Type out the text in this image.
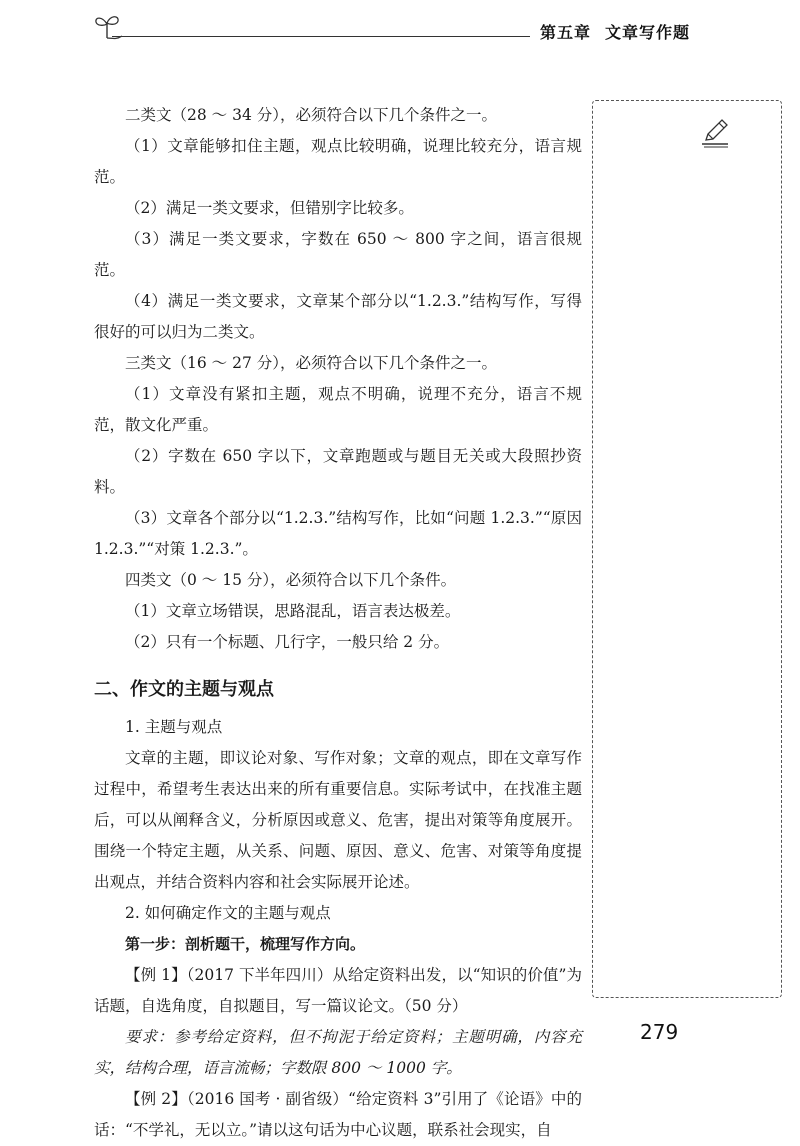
第五章 文章写作题

二类文（28 ～ 34 分），必须符合以下几个条件之一。

（1）文章能够扣住主题，观点比较明确，说理比较充分，语言规范。

（2）满足一类文要求，但错别字比较多。

（3）满足一类文要求，字数在 650 ～ 800 字之间，语言很规范。

（4）满足一类文要求，文章某个部分以“1.2.3.”结构写作，写得很好的可以归为二类文。

三类文（16 ～ 27 分），必须符合以下几个条件之一。

（1）文章没有紧扣主题，观点不明确，说理不充分，语言不规范，散文化严重。

（2）字数在 650 字以下，文章跑题或与题目无关或大段照抄资料。

（3）文章各个部分以“1.2.3.”结构写作，比如“问题 1.2.3.”“原因 1.2.3.”“对策 1.2.3.”。

四类文（0 ～ 15 分），必须符合以下几个条件。

（1）文章立场错误，思路混乱，语言表达极差。

（2）只有一个标题、几行字，一般只给 2 分。

二、作文的主题与观点

1. 主题与观点

文章的主题，即议论对象、写作对象；文章的观点，即在文章写作过程中，希望考生表达出来的所有重要信息。实际考试中，在找准主题后，可以从阐释含义，分析原因或意义、危害，提出对策等角度展开。围绕一个特定主题，从关系、问题、原因、意义、危害、对策等角度提出观点，并结合资料内容和社会实际展开论述。

2. 如何确定作文的主题与观点

第一步：剖析题干，梳理写作方向。

【例 1】（2017 下半年四川）从给定资料出发，以“知识的价值”为话题，自选角度，自拟题目，写一篇议论文。（50 分）

要求：参考给定资料，但不拘泥于给定资料；主题明确，内容充实，结构合理，语言流畅；字数限 800 ～ 1000 字。

【例 2】（2016 国考 · 副省级）“给定资料 3”引用了《论语》中的话：“不学礼，无以立。”请以这句话为中心议题，联系社会现实，自

279
